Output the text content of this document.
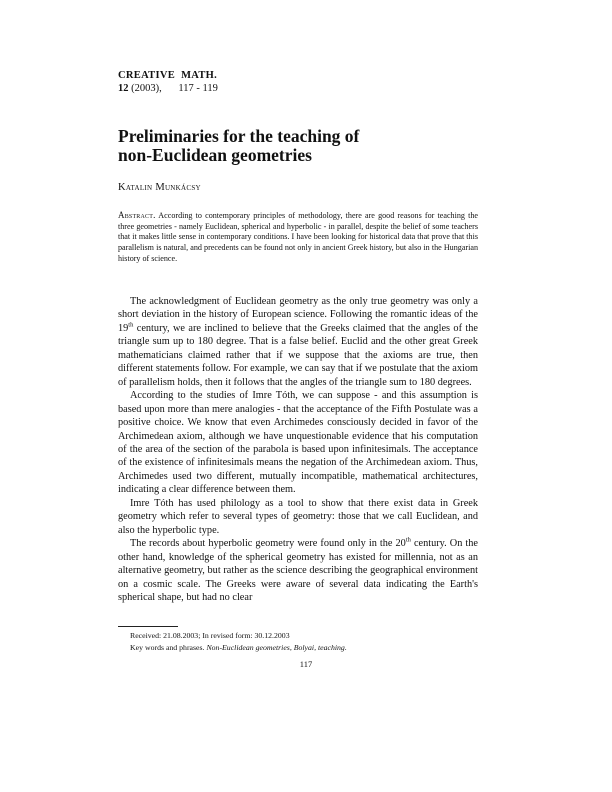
CREATIVE MATH.
12 (2003), 117 - 119
Preliminaries for the teaching of
non-Euclidean geometries
Katalin Munkácsy

Abstract. According to contemporary principles of methodology, there are good reasons for teaching the three geometries - namely Euclidean, spherical and hyperbolic - in parallel, despite the belief of some teachers that it makes little sense in contemporary conditions. I have been looking for historical data that prove that this parallelism is natural, and precedents can be found not only in ancient Greek history, but also in the Hungarian history of science.

The acknowledgment of Euclidean geometry as the only true geometry was only a short deviation in the history of European science. Following the romantic ideas of the 19th century, we are inclined to believe that the Greeks claimed that the angles of the triangle sum up to 180 degree. That is a false belief. Euclid and the other great Greek mathematicians claimed rather that if we suppose that the axioms are true, then different statements follow. For example, we can say that if we postulate that the axiom of parallelism holds, then it follows that the angles of the triangle sum to 180 degrees.

According to the studies of Imre Tóth, we can suppose - and this assumption is based upon more than mere analogies - that the acceptance of the Fifth Postulate was a positive choice. We know that even Archimedes consciously decided in favor of the Archimedean axiom, although we have unquestionable evidence that his computation of the area of the section of the parabola is based upon infinitesimals. The acceptance of the existence of infinitesimals means the negation of the Archimedean axiom. Thus, Archimedes used two different, mutually incompatible, mathematical architectures, indicating a clear difference between them.

Imre Tóth has used philology as a tool to show that there exist data in Greek geometry which refer to several types of geometry: those that we call Euclidean, and also the hyperbolic type.

The records about hyperbolic geometry were found only in the 20th century. On the other hand, knowledge of the spherical geometry has existed for millennia, not as an alternative geometry, but rather as the science describing the geographical environment on a cosmic scale. The Greeks were aware of several data indicating the Earth's spherical shape, but had no clear

Received: 21.08.2003; In revised form: 30.12.2003
Key words and phrases. Non-Euclidean geometries, Bolyai, teaching.
117
